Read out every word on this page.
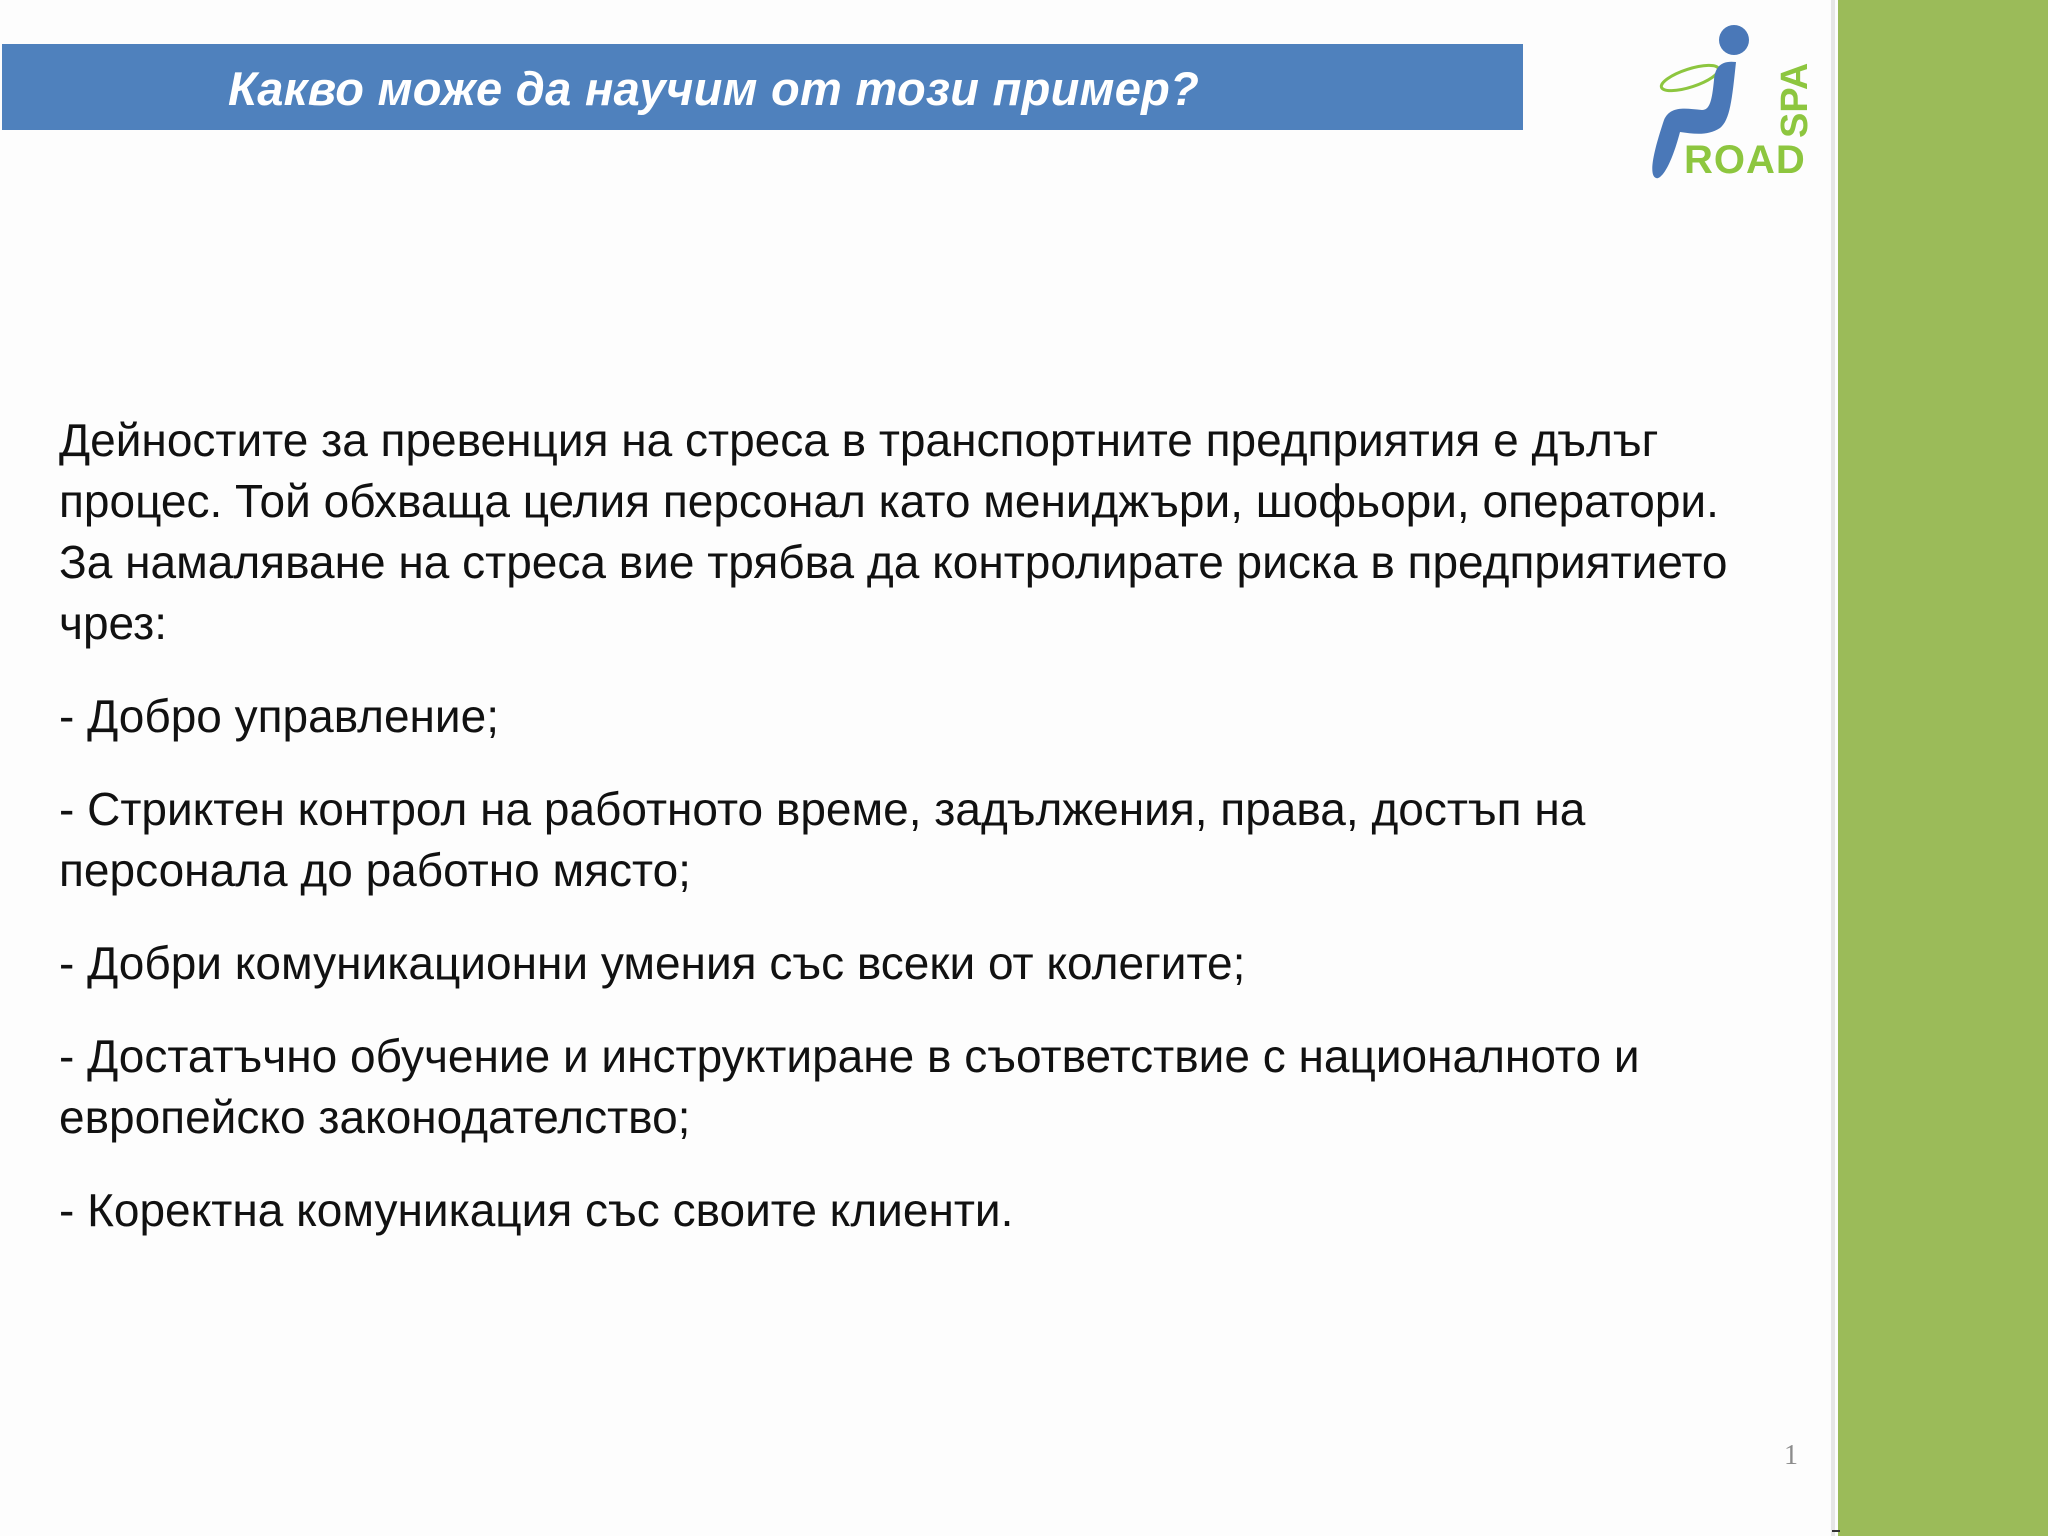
Какво може да научим от този пример?
ROAD
SPA

Дейностите за превенция на стреса в транспортните предприятия е дълъг процес. Той обхваща целия персонал като мениджъри, шофьори, оператори. За намаляване на стреса вие трябва да контролирате риска в предприятието чрез:

- Добро управление;

- Стриктен контрол на работното време, задължения, права, достъп на персонала до работно място;

- Добри комуникационни умения със всеки от колегите;

- Достатъчно обучение и инструктиране в съответствие с националното и европейско законодателство;

- Коректна комуникация със своите клиенти.

1
